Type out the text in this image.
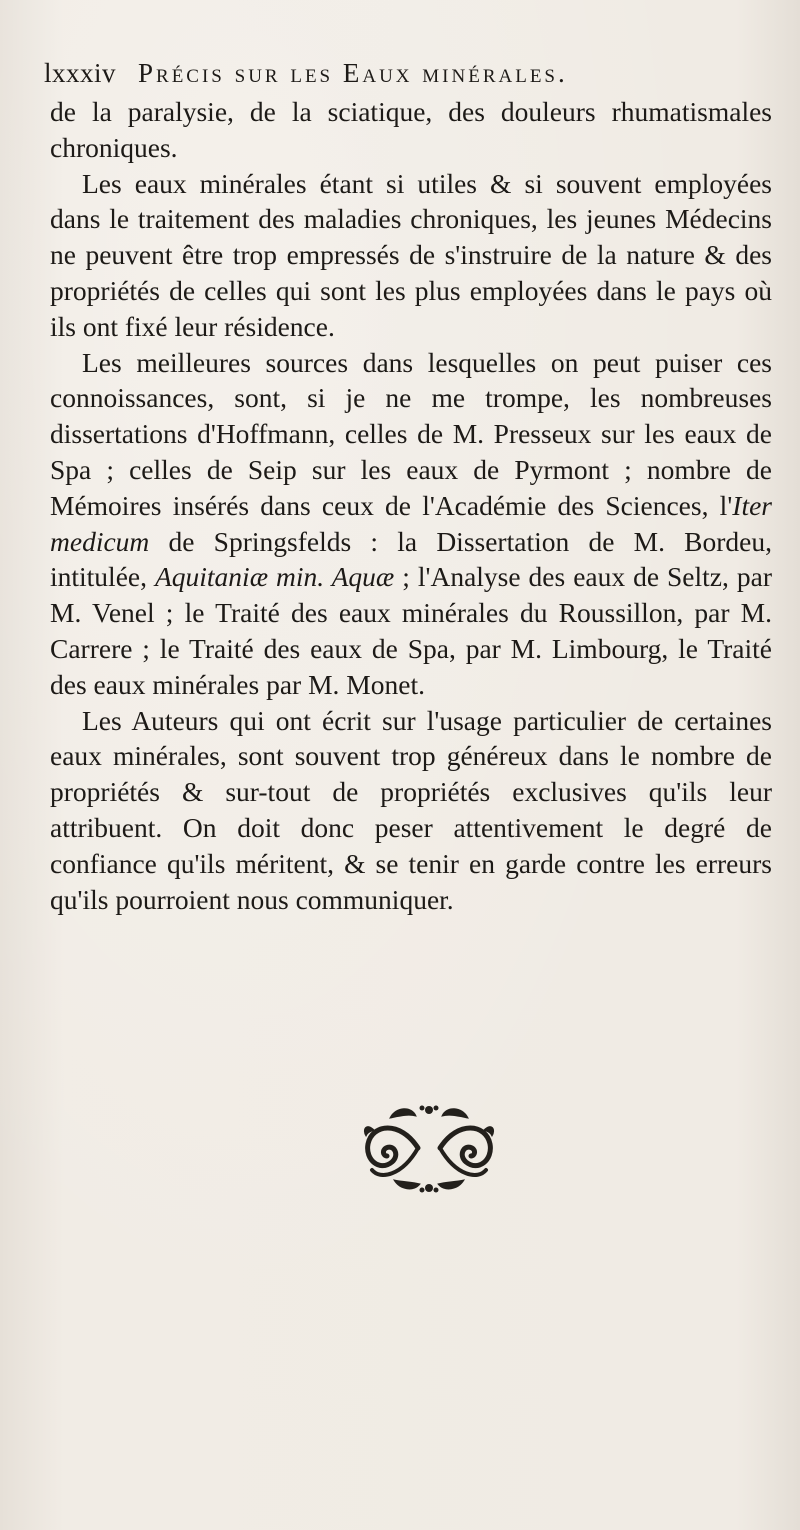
lxxxiv Précis sur les Eaux minérales.

de la paralysie, de la sciatique, des douleurs rhumatismales chroniques.

Les eaux minérales étant si utiles & si souvent employées dans le traitement des maladies chroniques, les jeunes Médecins ne peuvent être trop empressés de s'instruire de la nature & des propriétés de celles qui sont les plus employées dans le pays où ils ont fixé leur résidence.

Les meilleures sources dans lesquelles on peut puiser ces connoissances, sont, si je ne me trompe, les nombreuses dissertations d'Hoffmann, celles de M. Presseux sur les eaux de Spa ; celles de Seip sur les eaux de Pyrmont ; nombre de Mémoires insérés dans ceux de l'Académie des Sciences, l'Iter medicum de Springsfelds : la Dissertation de M. Bordeu, intitulée, Aquitaniæ min. Aquæ ; l'Analyse des eaux de Seltz, par M. Venel ; le Traité des eaux minérales du Roussillon, par M. Carrere ; le Traité des eaux de Spa, par M. Limbourg, le Traité des eaux minérales par M. Monet.

Les Auteurs qui ont écrit sur l'usage particulier de certaines eaux minérales, sont souvent trop généreux dans le nombre de propriétés & sur-tout de propriétés exclusives qu'ils leur attribuent. On doit donc peser attentivement le degré de confiance qu'ils méritent, & se tenir en garde contre les erreurs qu'ils pourroient nous communiquer.
